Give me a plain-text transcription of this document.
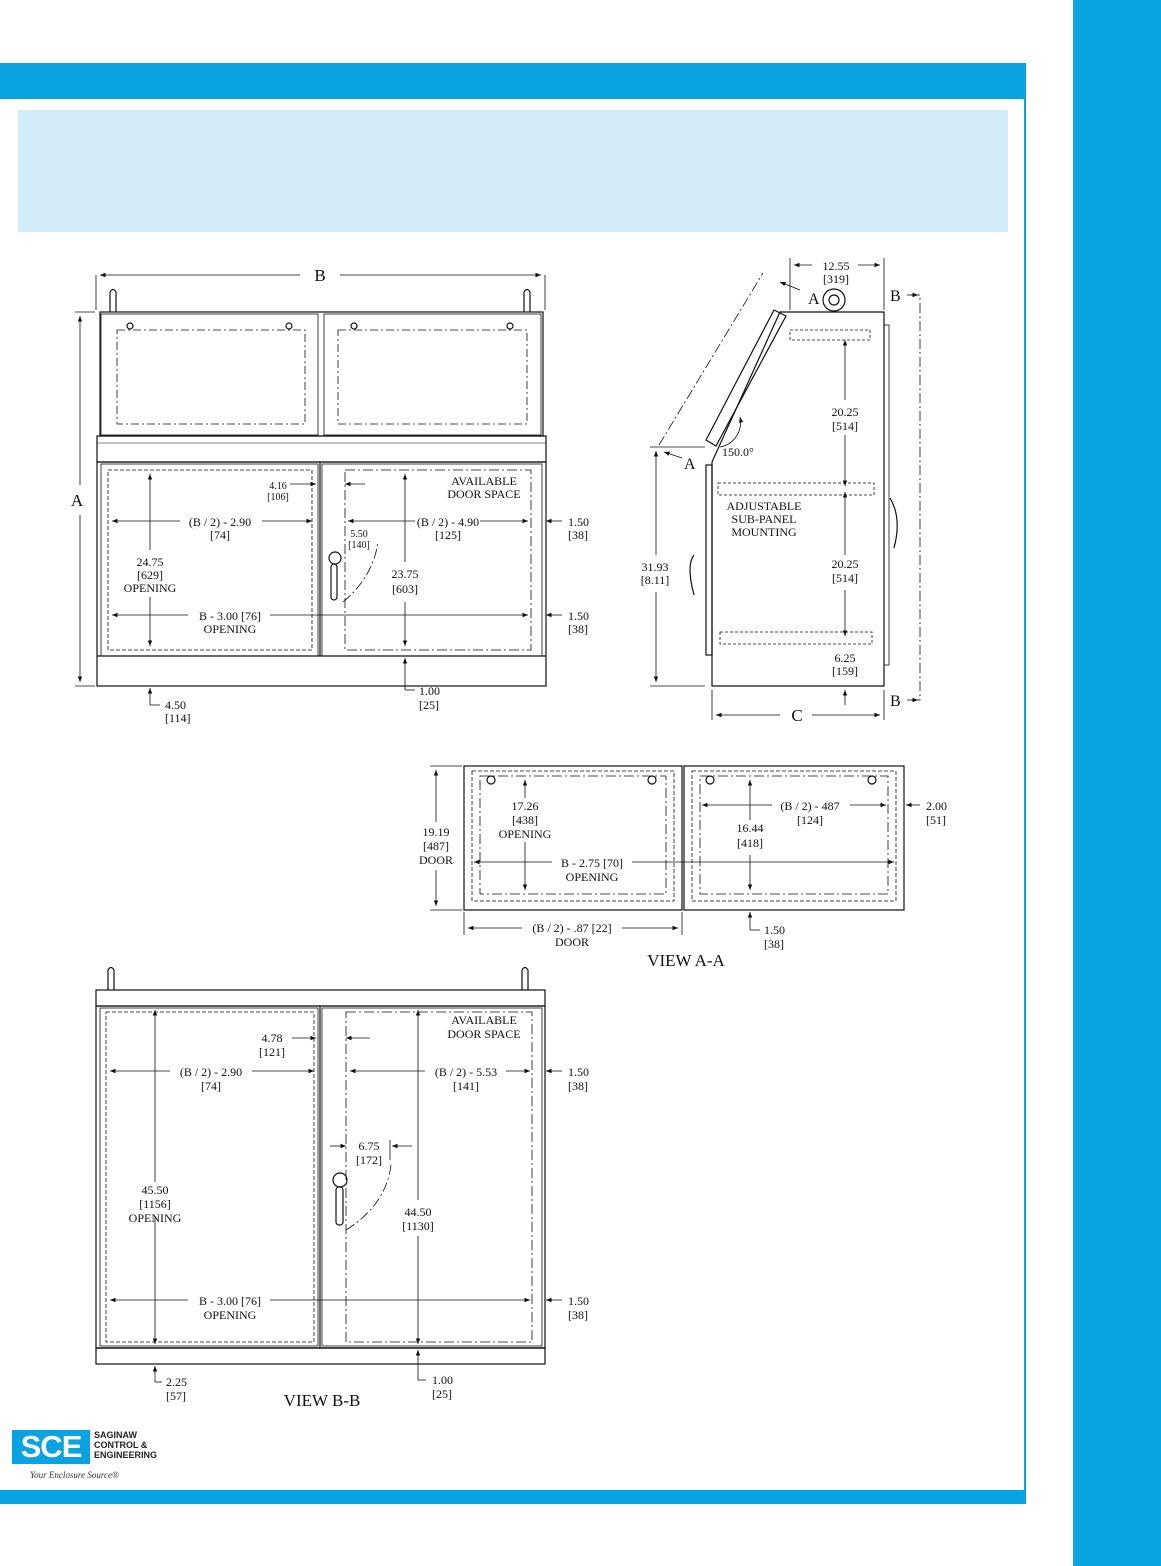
B
A
AVAILABLE
DOOR SPACE
(B / 2) - 2.90
[74]
(B / 2) - 4.90
[125]
24.75
[629]
OPENING
23.75
[603]
4.16
[106]
5.50
[140]
1.50
[38]
1.50
[38]
B - 3.00 [76]
OPENING
4.50
[114]
1.00
[25]
12.55
[319]
A
A
B
B
150.0°
31.93
[8.11]
ADJUSTABLE
SUB-PANEL
MOUNTING
20.25
[514]
20.25
[514]
6.25
[159]
C
19.19
[487]
DOOR
17.26
[438]
OPENING
(B / 2) - 487
[124]
16.44
[418]
B - 2.75 [70]
OPENING
2.00
[51]
(B / 2) - .87 [22]
DOOR
1.50
[38]
VIEW A-A
AVAILABLE
DOOR SPACE
4.78
[121]
(B / 2) - 2.90
[74]
(B / 2) - 5.53
[141]
1.50
[38]
45.50
[1156]
OPENING
6.75
[172]
44.50
[1130]
B - 3.00 [76]
OPENING
1.50
[38]
2.25
[57]
1.00
[25]
VIEW B-B
SCE	SAGINAW
CONTROL &
ENGINEERING
Your Enclosure Source®
